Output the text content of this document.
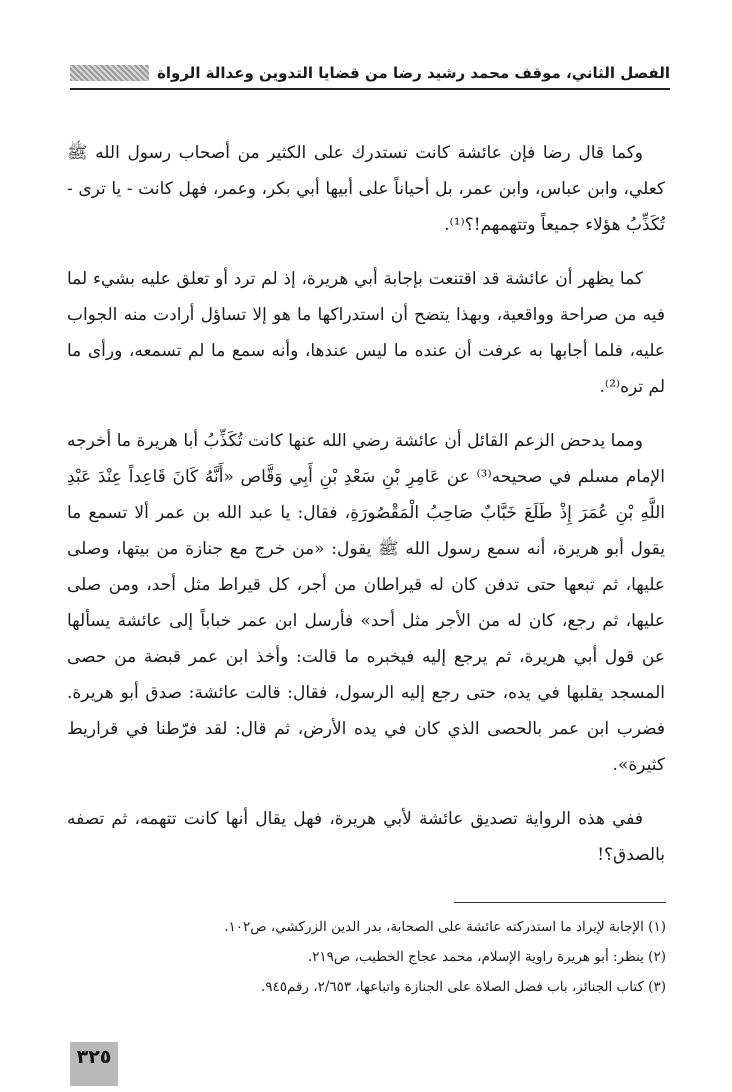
الفصل الثاني، موقف محمد رشيد رضا من قضايا التدوين وعدالة الرواة

وكما قال رضا فإن عائشة كانت تستدرك على الكثير من أصحاب رسول الله ﷺ كعلي، وابن عباس، وابن عمر، بل أحياناً على أبيها أبي بكر، وعمر، فهل كانت - يا ترى - تُكَذِّبُ هؤلاء جميعاً وتتهمهم!؟⁽¹⁾.

كما يظهر أن عائشة قد اقتنعت بإجابة أبي هريرة، إذ لم ترد أو تعلق عليه بشيء لما فيه من صراحة وواقعية، وبهذا يتضح أن استدراكها ما هو إلا تساؤل أرادت منه الجواب عليه، فلما أجابها به عرفت أن عنده ما ليس عندها، وأنه سمع ما لم تسمعه، ورأى ما لم تره⁽²⁾.

ومما يدحض الزعم القائل أن عائشة رضي الله عنها كانت تُكَذِّبُ أبا هريرة ما أخرجه الإمام مسلم في صحيحه⁽³⁾ عن عَامِرِ بْنِ سَعْدِ بْنِ أَبِي وَقَّاص «أَنَّهُ كَانَ قَاعِداً عِنْدَ عَبْدِ اللَّهِ بْنِ عُمَرَ إِذْ طَلَعَ خَبَّابٌ صَاحِبُ الْمَقْصُورَةِ، فقال: يا عبد الله بن عمر ألا تسمع ما يقول أبو هريرة، أنه سمع رسول الله ﷺ يقول: «من خرج مع جنازة من بيتها، وصلى عليها، ثم تبعها حتى تدفن كان له قيراطان من أجر، كل قيراط مثل أحد، ومن صلى عليها، ثم رجع، كان له من الأجر مثل أحد» فأرسل ابن عمر خباباً إلى عائشة يسألها عن قول أبي هريرة، ثم يرجع إليه فيخبره ما قالت: وأخذ ابن عمر قبضة من حصى المسجد يقلبها في يده، حتى رجع إليه الرسول، فقال: قالت عائشة: صدق أبو هريرة. فضرب ابن عمر بالحصى الذي كان في يده الأرض، ثم قال: لقد فرّطنا في قراريط كثيرة».

ففي هذه الرواية تصديق عائشة لأبي هريرة، فهل يقال أنها كانت تتهمه، ثم تصفه بالصدق؟!

(١) الإجابة لإيراد ما استدركته عائشة على الصحابة، بدر الدين الزركشي، ص١٠٢.

(٢) ينظر: أبو هريرة راوية الإسلام، محمد عجاج الخطيب، ص٢١٩.

(٣) كتاب الجنائز، باب فضل الصلاة على الجنازة واتباعها، ٢/٦٥٣، رقم٩٤٥.

٣٢٥
